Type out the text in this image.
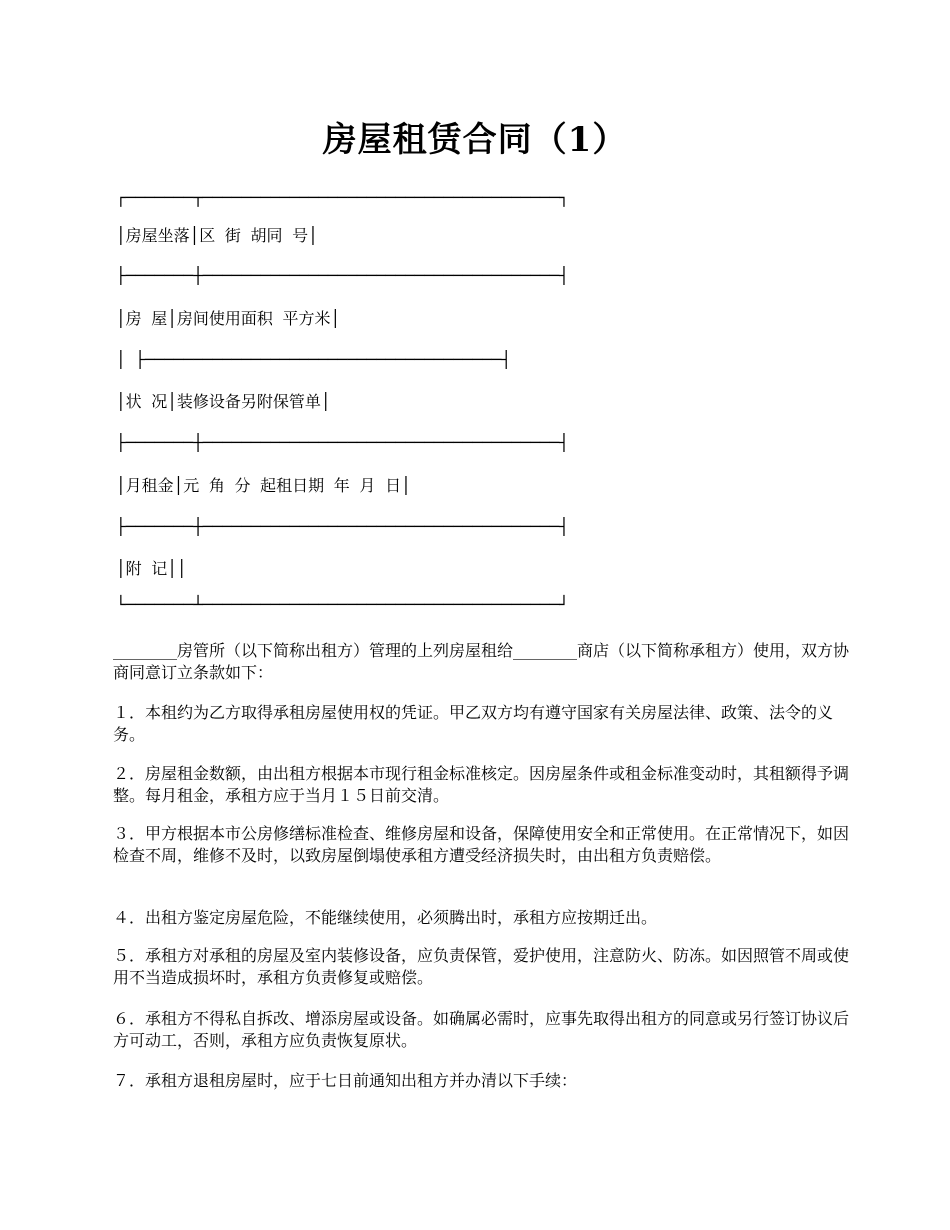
房屋租赁合同（1）
┌───────┬─────────────────────────────────────┐
│房屋坐落│区 街 胡同 号│
├───────┼─────────────────────────────────────┤
│房 屋│房间使用面积 平方米│
│ ├─────────────────────────────────────┤
│状 况│装修设备另附保管单│
├───────┼─────────────────────────────────────┤
│月租金│元 角 分 起租日期 年 月 日│
├───────┼─────────────────────────────────────┤
│附 记││
└───────┴─────────────────────────────────────┘

________房管所（以下简称出租方）管理的上列房屋租给________商店（以下简称承租方）使用，双方协商同意订立条款如下：

１．本租约为乙方取得承租房屋使用权的凭证。甲乙双方均有遵守国家有关房屋法律、政策、法令的义务。

２．房屋租金数额，由出租方根据本市现行租金标准核定。因房屋条件或租金标准变动时，其租额得予调整。每月租金，承租方应于当月１５日前交清。

３．甲方根据本市公房修缮标准检查、维修房屋和设备，保障使用安全和正常使用。在正常情况下，如因检查不周，维修不及时，以致房屋倒塌使承租方遭受经济损失时，由出租方负责赔偿。

４．出租方鉴定房屋危险，不能继续使用，必须腾出时，承租方应按期迁出。

５．承租方对承租的房屋及室内装修设备，应负责保管，爱护使用，注意防火、防冻。如因照管不周或使用不当造成损坏时，承租方负责修复或赔偿。

６．承租方不得私自拆改、增添房屋或设备。如确属必需时，应事先取得出租方的同意或另行签订协议后方可动工，否则，承租方应负责恢复原状。

７．承租方退租房屋时，应于七日前通知出租方并办清以下手续：
